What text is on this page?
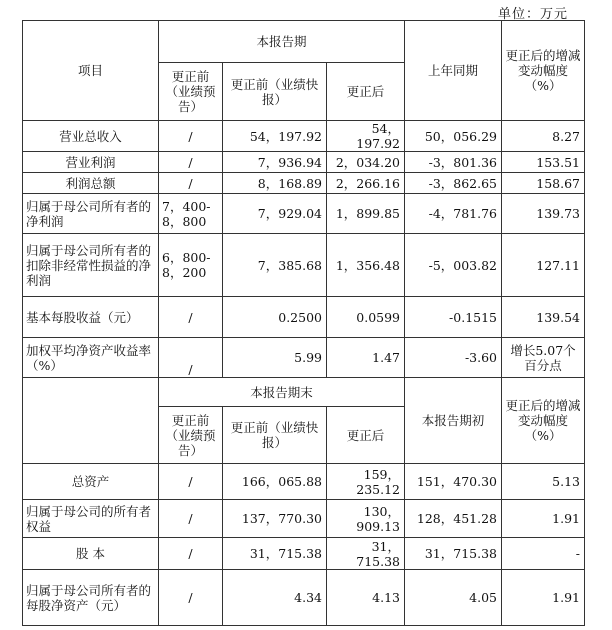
单位：万元
项目	本报告期			上年同期	更正后的增减变动幅度（%）
	更正前（业绩预告）	更正前（业绩快报）	更正后		
营业总收入	/	54，197.92	54，197.92	50，056.29	8.27
营业利润	/	7，936.94	2，034.20	-3，801.36	153.51
利润总额	/	8，168.89	2，266.16	-3，862.65	158.67
归属于母公司所有者的净利润	7，400-8，800	7，929.04	1，899.85	-4，781.76	139.73
归属于母公司所有者的扣除非经常性损益的净利润	6，800-8，200	7，385.68	1，356.48	-5，003.82	127.11
基本每股收益（元）	/	0.2500	0.0599	-0.1515	139.54
加权平均净资产收益率（%）	/	5.99	1.47	-3.60	增长5.07个百分点
	本报告期末			本报告期初	更正后的增减变动幅度（%）
	更正前（业绩预告）	更正前（业绩快报）	更正后		
总资产	/	166，065.88	159，235.12	151，470.30	5.13
归属于母公司的所有者权益	/	137，770.30	130，909.13	128，451.28	1.91
股 本	/	31，715.38	31，715.38	31，715.38	-
归属于母公司所有者的每股净资产（元）	/	4.34	4.13	4.05	1.91
